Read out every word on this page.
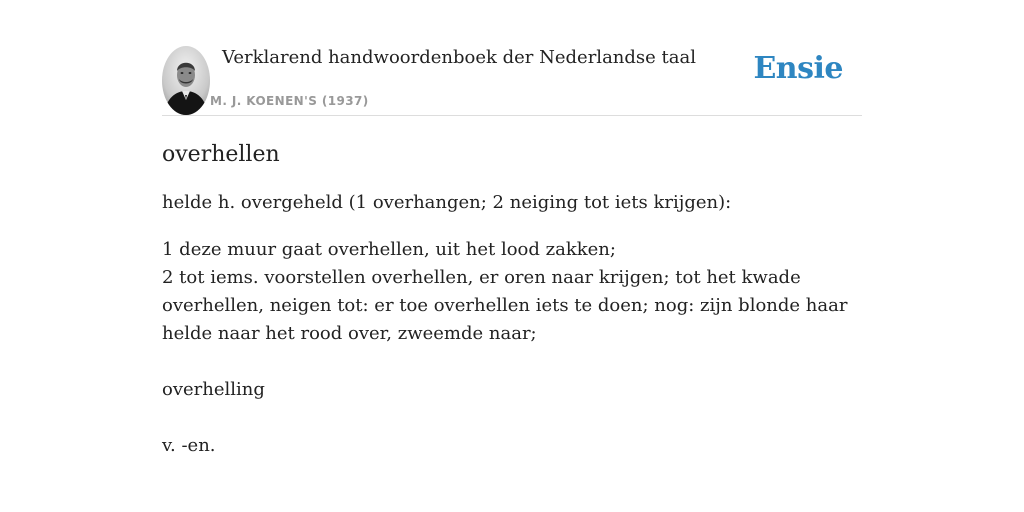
Verklarend handwoordenboek der Nederlandse taal
M. J. KOENEN'S (1937)
Ensie
overhellen

helde h. overgeheld (1 overhangen; 2 neiging tot iets krijgen):

1 deze muur gaat overhellen, uit het lood zakken;

2 tot iems. voorstellen overhellen, er oren naar krijgen; tot het kwade overhellen, neigen tot: er toe overhellen iets te doen; nog: zijn blonde haar helde naar het rood over, zweemde naar;

overhelling

v. -en.
